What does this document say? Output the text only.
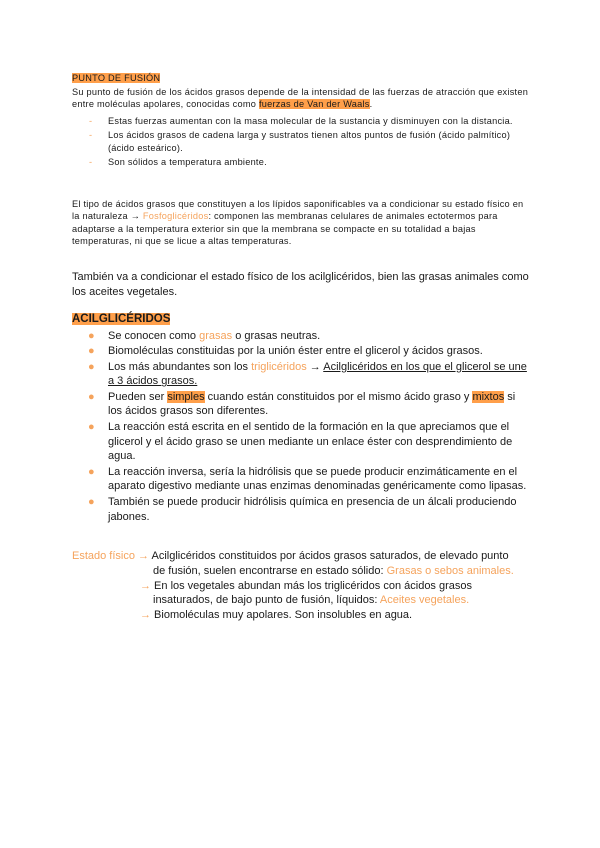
PUNTO DE FUSIÓN

Su punto de fusión de los ácidos grasos depende de la intensidad de las fuerzas de atracción que existen entre moléculas apolares, conocidas como fuerzas de Van der Waals.

- Estas fuerzas aumentan con la masa molecular de la sustancia y disminuyen con la distancia.
- Los ácidos grasos de cadena larga y sustratos tienen altos puntos de fusión (ácido palmítico) (ácido esteárico).
- Son sólidos a temperatura ambiente.

El tipo de ácidos grasos que constituyen a los lípidos saponificables va a condicionar su estado físico en la naturaleza → Fosfoglicéridos: componen las membranas celulares de animales ectotermos para adaptarse a la temperatura exterior sin que la membrana se compacte en su totalidad a bajas temperaturas, ni que se licue a altas temperaturas.

También va a condicionar el estado físico de los acilglicéridos, bien las grasas animales como los aceites vegetales.

ACILGLICÉRIDOS
● Se conocen como grasas o grasas neutras.
● Biomoléculas constituidas por la unión éster entre el glicerol y ácidos grasos.
● Los más abundantes son los triglicéridos → Acilglicéridos en los que el glicerol se une a 3 ácidos grasos.
● Pueden ser simples cuando están constituidos por el mismo ácido graso y mixtos si los ácidos grasos son diferentes.
● La reacción está escrita en el sentido de la formación en la que apreciamos que el glicerol y el ácido graso se unen mediante un enlace éster con desprendimiento de agua.
● La reacción inversa, sería la hidrólisis que se puede producir enzimáticamente en el aparato digestivo mediante unas enzimas denominadas genéricamente como lipasas.
● También se puede producir hidrólisis química en presencia de un álcali produciendo jabones.
Estado físico → Acilglicéridos constituidos por ácidos grasos saturados, de elevado punto
de fusión, suelen encontrarse en estado sólido: Grasas o sebos animales.
→ En los vegetales abundan más los triglicéridos con ácidos grasos
insaturados, de bajo punto de fusión, líquidos: Aceites vegetales.
→ Biomoléculas muy apolares. Son insolubles en agua.
